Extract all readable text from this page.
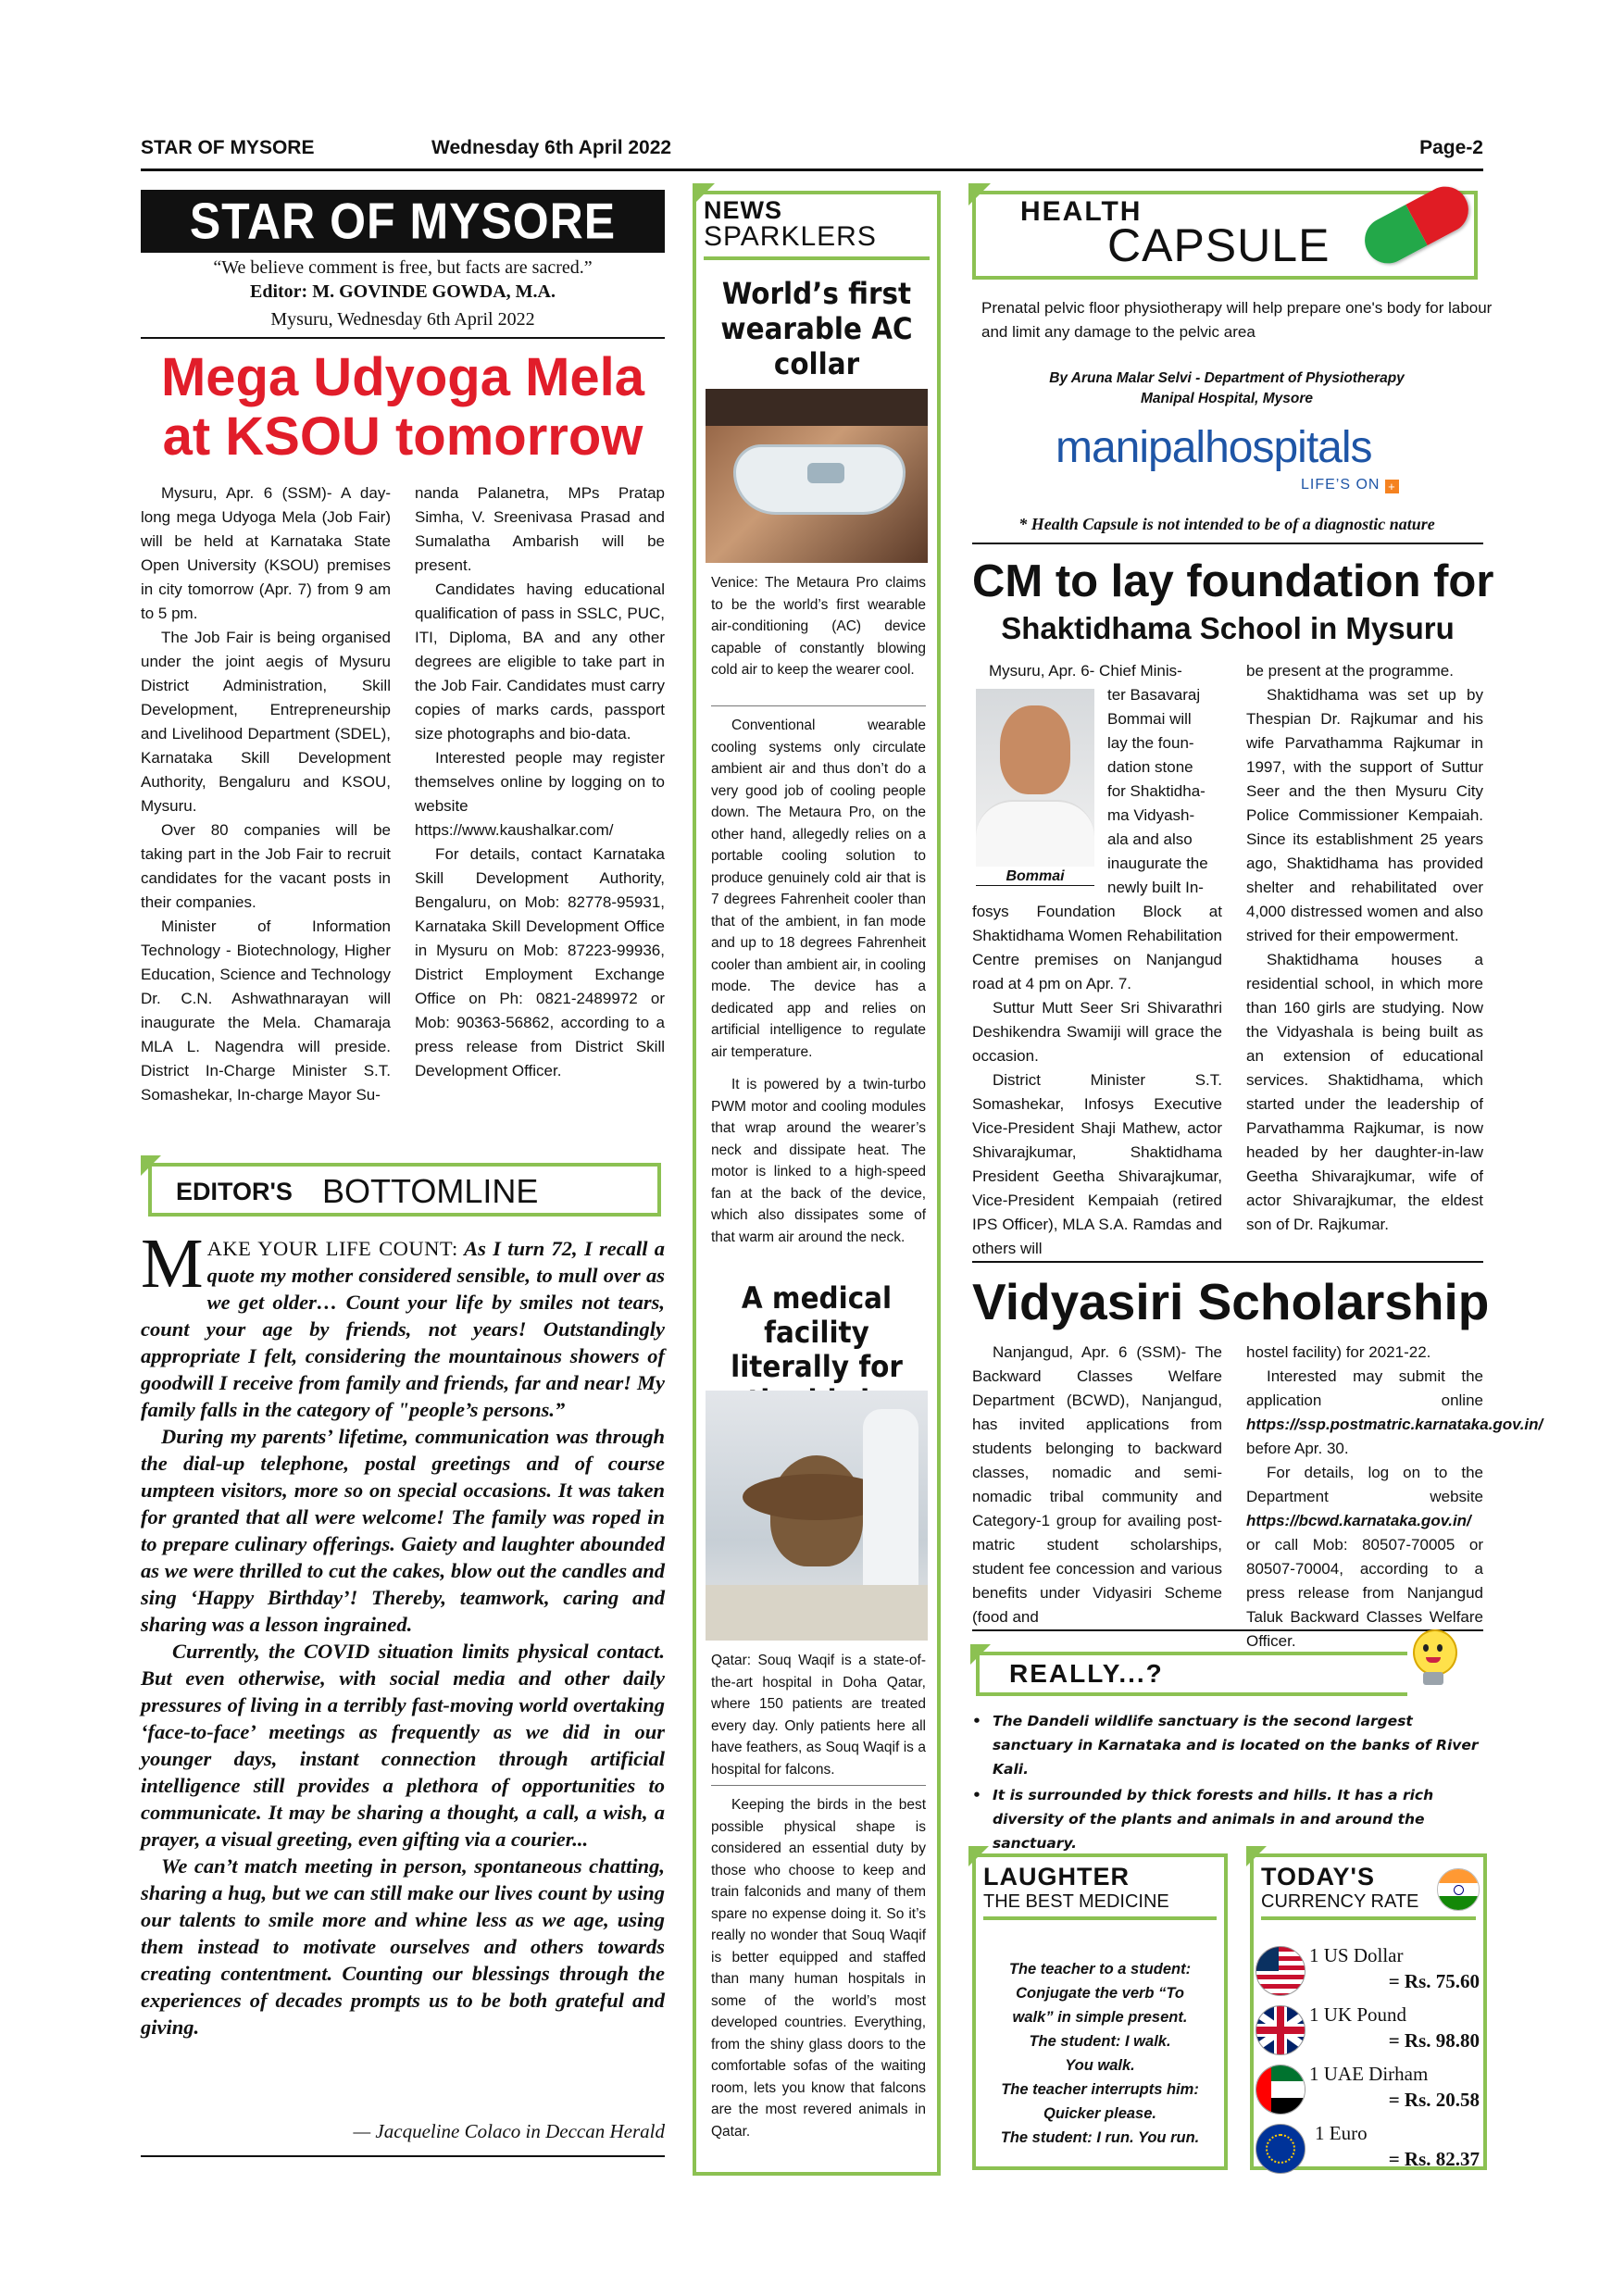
STAR OF MYSORE	Wednesday 6th April 2022	Page-2
STAR OF MYSORE
“We believe comment is free, but facts are sacred.”
Editor: M. GOVINDE GOWDA, M.A.
Mysuru, Wednesday 6th April 2022
Mega Udyoga Mela
at KSOU tomorrow

Mysuru, Apr. 6 (SSM)- A day-long mega Udyoga Mela (Job Fair) will be held at Karnataka State Open University (KSOU) premises in city tomorrow (Apr. 7) from 9 am to 5 pm.

The Job Fair is being organised under the joint aegis of Mysuru District Administration, Skill Development, Entrepreneurship and Livelihood Department (SDEL), Karnataka Skill Development Authority, Bengaluru and KSOU, Mysuru.

Over 80 companies will be taking part in the Job Fair to recruit candidates for the vacant posts in their companies.

Minister of Information Technology - Biotechnology, Higher Education, Science and Technology Dr. C.N. Ashwathnarayan will inaugurate the Mela. Chamaraja MLA L. Nagendra will preside. District In-Charge Minister S.T. Somashekar, In-charge Mayor Su-

nanda Palanetra, MPs Pratap Simha, V. Sreenivasa Prasad and Sumalatha Ambarish will be present.

Candidates having educational qualification of pass in SSLC, PUC, ITI, Diploma, BA and any other degrees are eligible to take part in the Job Fair. Candidates must carry copies of marks cards, passport size photographs and bio-data.

Interested people may register themselves online by logging on to website https://www.kaushalkar.com/

For details, contact Karnataka Skill Development Authority, Bengaluru, on Mob: 82778-95931, Karnataka Skill Development Office in Mysuru on Mob: 87223-99936, District Employment Exchange Office on Ph: 0821-2489972 or Mob: 90363-56862, according to a press release from District Skill Development Officer.

EDITOR'S BOTTOMLINE

MAKE YOUR LIFE COUNT: As I turn 72, I recall a quote my mother considered sensible, to mull over as we get older… Count your life by smiles not tears, count your age by friends, not years! Outstandingly appropriate I felt, considering the mountainous showers of goodwill I receive from family and friends, far and near! My family falls in the category of "people’s persons.”

During my parents’ lifetime, communication was through the dial-up telephone, postal greetings and of course umpteen visitors, more so on special occasions. It was taken for granted that all were welcome! The family was roped in to prepare culinary offerings. Gaiety and laughter abounded as we were thrilled to cut the cakes, blow out the candles and sing ‘Happy Birthday’! Thereby, teamwork, caring and sharing was a lesson ingrained.

Currently, the COVID situation limits physical contact. But even otherwise, with social media and other daily pressures of living in a terribly fast-moving world overtaking ‘face-to-face’ meetings as frequently as we did in our younger days, instant connection through artificial intelligence still provides a plethora of opportunities to communicate. It may be sharing a thought, a call, a wish, a prayer, a visual greeting, even gifting via a courier...

We can’t match meeting in person, spontaneous chatting, sharing a hug, but we can still make our lives count by using our talents to smile more and whine less as we age, using them instead to motivate ourselves and others towards creating contentment. Counting our blessings through the experiences of decades prompts us to be both grateful and giving.

— Jacqueline Colaco in Deccan Herald
NEWS
SPARKLERS
World’s first wearable AC collar
Venice: The Metaura Pro claims to be the world’s first wearable air-conditioning (AC) device capable of constantly blowing cold air to keep the wearer cool.

Conventional wearable cooling systems only circulate ambient air and thus don’t do a very good job of cooling people down. The Metaura Pro, on the other hand, allegedly relies on a portable cooling solution to produce genuinely cold air that is 7 degrees Fahrenheit cooler than that of the ambient, in fan mode and up to 18 degrees Fahrenheit cooler than ambient air, in cooling mode. The device has a dedicated app and relies on artificial intelligence to regulate air temperature.

It is powered by a twin-turbo PWM motor and cooling modules that wrap around the wearer’s neck and dissipate heat. The motor is linked to a high-speed fan at the back of the device, which also dissipates some of that warm air around the neck.

A medical facility literally for
Qatar: Souq Waqif is a state-of-the-art hospital in Doha Qatar, where 150 patients are treated every day. Only patients here all have feathers, as Souq Waqif is a hospital for falcons.

Keeping the birds in the best possible physical shape is considered an essential duty by those who choose to keep and train falconids and many of them spare no expense doing it. So it’s really no wonder that Souq Waqif is better equipped and staffed than many human hospitals in some of the world’s most developed countries. Everything, from the shiny glass doors to the comfortable sofas of the waiting room, lets you know that falcons are the most revered animals in Qatar.

HEALTH
CAPSULE
Prenatal pelvic floor physiotherapy will help prepare one's body for labour and limit any damage to the pelvic area
By Aruna Malar Selvi - Department of Physiotherapy
Manipal Hospital, Mysore
manipalhospitals
LIFE’S ON +
* Health Capsule is not intended to be of a diagnostic nature
CM to lay foundation for
Shaktidhama School in Mysuru
Bommai
Mysuru, Apr. 6- Chief Minis-
ter Basavaraj
Bommai will
lay the foun-
dation stone
for Shaktidha-
ma Vidyash-
ala and also
inaugurate the
newly built In-

fosys Foundation Block at Shaktidhama Women Rehabilitation Centre premises on Nanjangud road at 4 pm on Apr. 7.

Suttur Mutt Seer Sri Shivarathri Deshikendra Swamiji will grace the occasion.

District Minister S.T. Somashekar, Infosys Executive Vice-President Shaji Mathew, actor Shivarajkumar, Shaktidhama President Geetha Shivarajkumar, Vice-President Kempaiah (retired IPS Officer), MLA S.A. Ramdas and others will

be present at the programme.

Shaktidhama was set up by Thespian Dr. Rajkumar and his wife Parvathamma Rajkumar in 1997, with the support of Suttur Seer and the then Mysuru City Police Commissioner Kempaiah. Since its establishment 25 years ago, Shaktidhama has provided shelter and rehabilitated over 4,000 distressed women and also strived for their empowerment.

Shaktidhama houses a residential school, in which more than 160 girls are studying. Now the Vidyashala is being built as an extension of educational services. Shaktidhama, which started under the leadership of Parvathamma Rajkumar, is now headed by her daughter-in-law Geetha Shivarajkumar, wife of actor Shivarajkumar, the eldest son of Dr. Rajkumar.

Vidyasiri Scholarship

Nanjangud, Apr. 6 (SSM)- The Backward Classes Welfare Department (BCWD), Nanjangud, has invited applications from students belonging to backward classes, nomadic and semi-nomadic tribal community and Category-1 group for availing post-matric student scholarships, student fee concession and various benefits under Vidyasiri Scheme (food and

hostel facility) for 2021-22.

Interested may submit the application online https://ssp.postmatric.karnataka.gov.in/ before Apr. 30.

For details, log on to the Department website https://bcwd.karnataka.gov.in/ or call Mob: 80507-70005 or 80507-70004, according to a press release from Nanjangud Taluk Backward Classes Welfare Officer.

REALLY...?
• The Dandeli wildlife sanctuary is the second largest sanctuary in Karnataka and is located on the banks of River Kali.
• It is surrounded by thick forests and hills. It has a rich diversity of the plants and animals in and around the sanctuary.
LAUGHTER
THE BEST MEDICINE
The teacher to a student:
Conjugate the verb “To
walk” in simple present.
The student: I walk.
You walk.
The teacher interrupts him:
Quicker please.
The student: I run. You run.
TODAY'S
CURRENCY RATE
1 US Dollar
= Rs. 75.60
1 UK Pound
= Rs. 98.80
1 UAE Dirham
= Rs. 20.58
1 Euro
= Rs. 82.37
